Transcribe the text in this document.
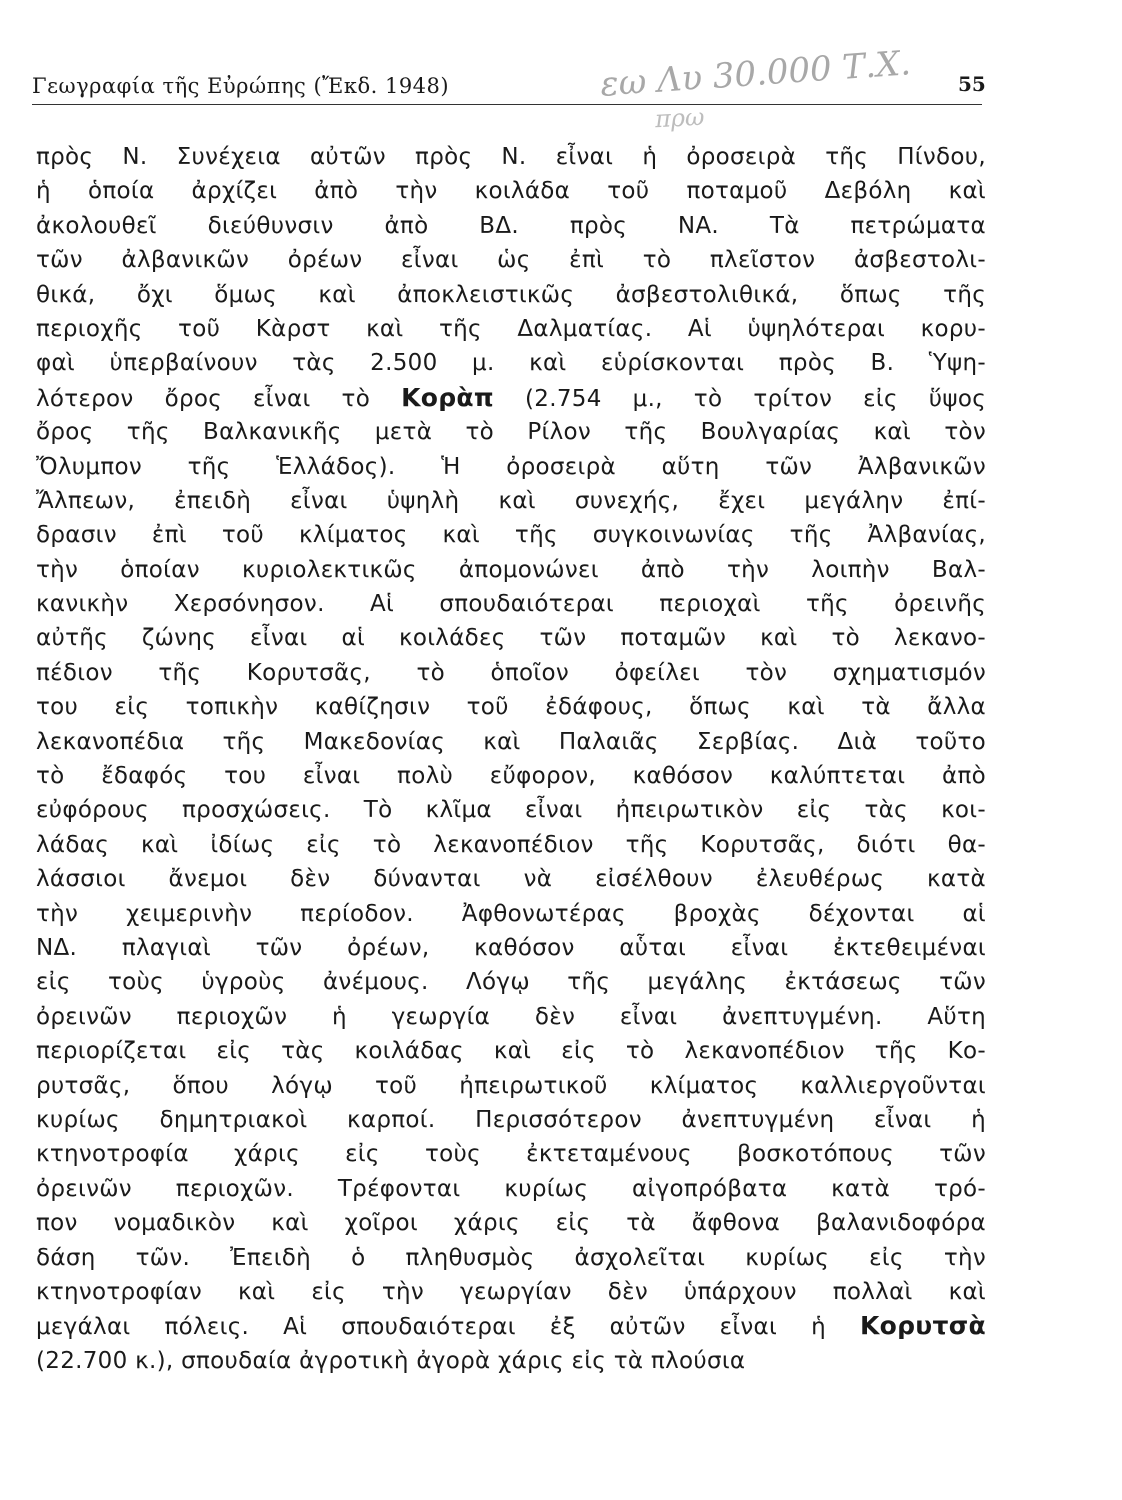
Γεωγραφία τῆς Εὐρώπης (Ἔκδ. 1948)	εω Λυ 30.000 Τ.Χ.
πρω
55
πρὸς Ν. Συνέχεια αὐτῶν πρὸς Ν. εἶναι ἡ ὀροσειρὰ τῆς Πίνδου,
ἡ ὁποία ἀρχίζει ἀπὸ τὴν κοιλάδα τοῦ ποταμοῦ Δεβόλη καὶ
ἀκολουθεῖ διεύθυνσιν ἀπὸ ΒΔ. πρὸς ΝΑ. Τὰ πετρώματα
τῶν ἀλβανικῶν ὀρέων εἶναι ὡς ἐπὶ τὸ πλεῖστον ἀσβεστολι-
θικά, ὄχι ὅμως καὶ ἀποκλειστικῶς ἀσβεστολιθικά, ὅπως τῆς
περιοχῆς τοῦ Κὰρστ καὶ τῆς Δαλματίας. Αἱ ὑψηλότεραι κορυ-
φαὶ ὑπερβαίνουν τὰς 2.500 μ. καὶ εὑρίσκονται πρὸς Β. Ὑψη-
λότερον ὄρος εἶναι τὸ Κορὰπ (2.754 μ., τὸ τρίτον εἰς ὕψος
ὄρος τῆς Βαλκανικῆς μετὰ τὸ Ρίλον τῆς Βουλγαρίας καὶ τὸν
Ὄλυμπον τῆς Ἑλλάδος). Ἡ ὀροσειρὰ αὕτη τῶν Ἀλβανικῶν
Ἄλπεων, ἐπειδὴ εἶναι ὑψηλὴ καὶ συνεχής, ἔχει μεγάλην ἐπί-
δρασιν ἐπὶ τοῦ κλίματος καὶ τῆς συγκοινωνίας τῆς Ἀλβανίας,
τὴν ὁποίαν κυριολεκτικῶς ἀπομονώνει ἀπὸ τὴν λοιπὴν Βαλ-
κανικὴν Χερσόνησον. Αἱ σπουδαιότεραι περιοχαὶ τῆς ὀρεινῆς
αὐτῆς ζώνης εἶναι αἱ κοιλάδες τῶν ποταμῶν καὶ τὸ λεκανο-
πέδιον τῆς Κορυτσᾶς, τὸ ὁποῖον ὀφείλει τὸν σχηματισμόν
του εἰς τοπικὴν καθίζησιν τοῦ ἐδάφους, ὅπως καὶ τὰ ἄλλα
λεκανοπέδια τῆς Μακεδονίας καὶ Παλαιᾶς Σερβίας. Διὰ τοῦτο
τὸ ἔδαφός του εἶναι πολὺ εὔφορον, καθόσον καλύπτεται ἀπὸ
εὐφόρους προσχώσεις. Τὸ κλῖμα εἶναι ἠπειρωτικὸν εἰς τὰς κοι-
λάδας καὶ ἰδίως εἰς τὸ λεκανοπέδιον τῆς Κορυτσᾶς, διότι θα-
λάσσιοι ἄνεμοι δὲν δύνανται νὰ εἰσέλθουν ἐλευθέρως κατὰ
τὴν χειμερινὴν περίοδον. Ἀφθονωτέρας βροχὰς δέχονται αἱ
ΝΔ. πλαγιαὶ τῶν ὀρέων, καθόσον αὗται εἶναι ἐκτεθειμέναι
εἰς τοὺς ὑγροὺς ἀνέμους. Λόγῳ τῆς μεγάλης ἐκτάσεως τῶν
ὀρεινῶν περιοχῶν ἡ γεωργία δὲν εἶναι ἀνεπτυγμένη. Αὕτη
περιορίζεται εἰς τὰς κοιλάδας καὶ εἰς τὸ λεκανοπέδιον τῆς Κο-
ρυτσᾶς, ὅπου λόγῳ τοῦ ἠπειρωτικοῦ κλίματος καλλιεργοῦνται
κυρίως δημητριακοὶ καρποί. Περισσότερον ἀνεπτυγμένη εἶναι ἡ
κτηνοτροφία χάρις εἰς τοὺς ἐκτεταμένους βοσκοτόπους τῶν
ὀρεινῶν περιοχῶν. Τρέφονται κυρίως αἰγοπρόβατα κατὰ τρό-
πον νομαδικὸν καὶ χοῖροι χάρις εἰς τὰ ἄφθονα βαλανιδοφόρα
δάση τῶν. Ἐπειδὴ ὁ πληθυσμὸς ἀσχολεῖται κυρίως εἰς τὴν
κτηνοτροφίαν καὶ εἰς τὴν γεωργίαν δὲν ὑπάρχουν πολλαὶ καὶ
μεγάλαι πόλεις. Αἱ σπουδαιότεραι ἐξ αὐτῶν εἶναι ἡ Κορυτσὰ
(22.700 κ.), σπουδαία ἀγροτικὴ ἀγορὰ χάρις εἰς τὰ πλούσια
